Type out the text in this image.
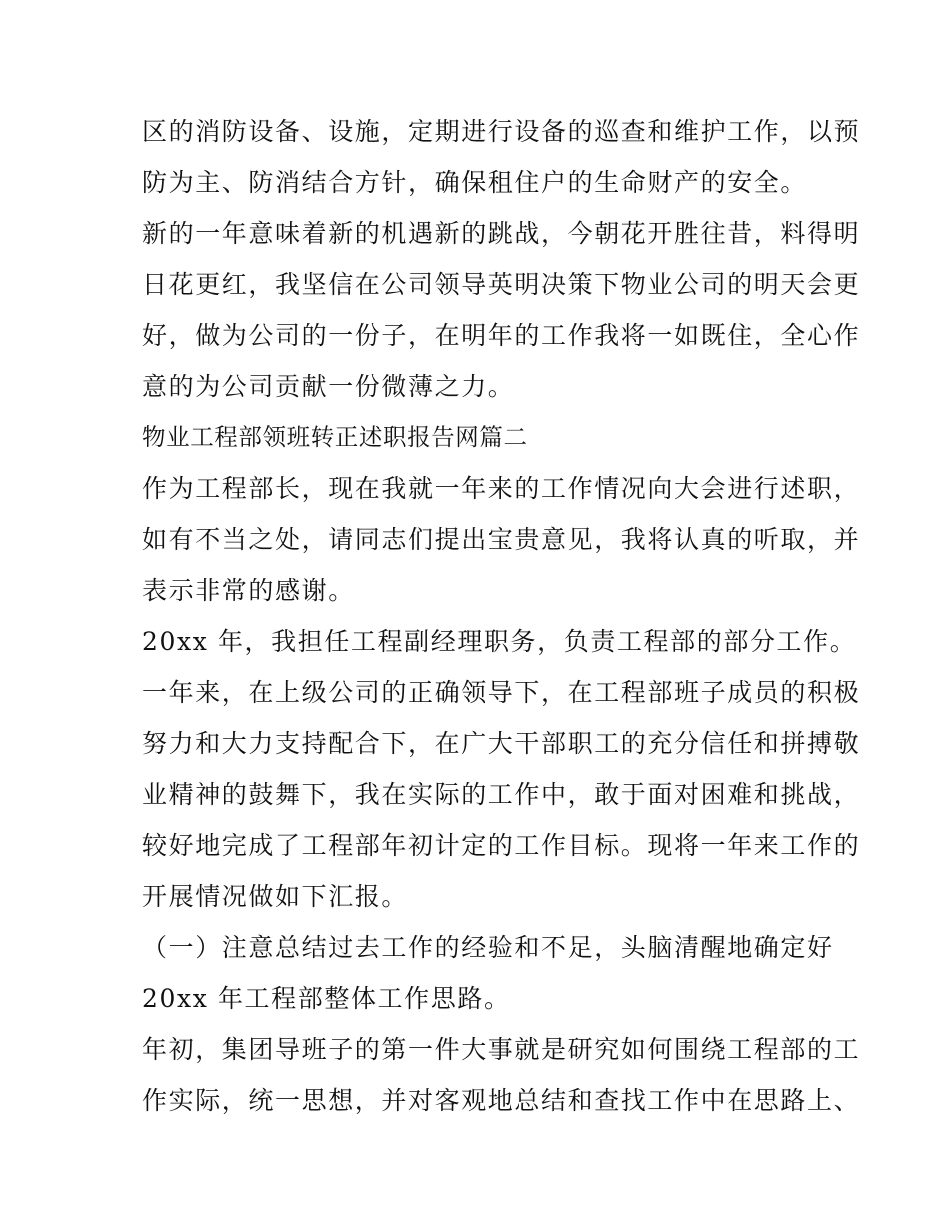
区的消防设备、设施，定期进行设备的巡查和维护工作，以预

防为主、防消结合方针，确保租住户的生命财产的安全。

新的一年意味着新的机遇新的跳战，今朝花开胜往昔，料得明

日花更红，我坚信在公司领导英明决策下物业公司的明天会更

好，做为公司的一份子，在明年的工作我将一如既住，全心作

意的为公司贡献一份微薄之力。

物业工程部领班转正述职报告网篇二

作为工程部长，现在我就一年来的工作情况向大会进行述职，

如有不当之处，请同志们提出宝贵意见，我将认真的听取，并

表示非常的感谢。

20xx 年，我担任工程副经理职务，负责工程部的部分工作。

一年来，在上级公司的正确领导下，在工程部班子成员的积极

努力和大力支持配合下，在广大干部职工的充分信任和拼搏敬

业精神的鼓舞下，我在实际的工作中，敢于面对困难和挑战，

较好地完成了工程部年初计定的工作目标。现将一年来工作的

开展情况做如下汇报。

（一）注意总结过去工作的经验和不足，头脑清醒地确定好

20xx 年工程部整体工作思路。

年初，集团导班子的第一件大事就是研究如何围绕工程部的工

作实际，统一思想，并对客观地总结和查找工作中在思路上、
